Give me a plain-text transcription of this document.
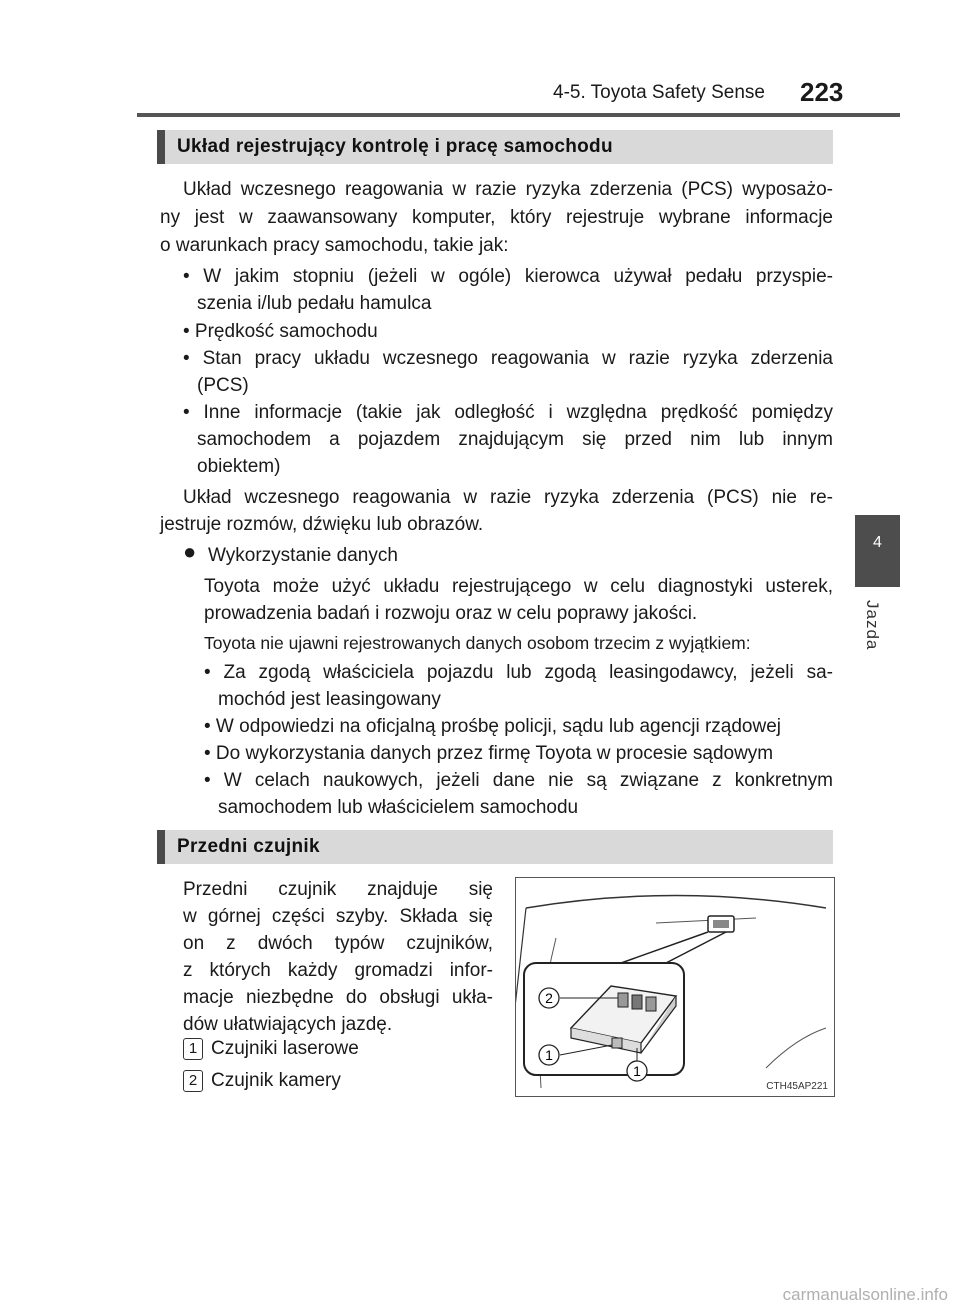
4-5. Toyota Safety Sense 223
4
Jazda
Układ rejestrujący kontrolę i pracę samochodu
Układ wczesnego reagowania w razie ryzyka zderzenia (PCS) wyposażo-
ny jest w zaawansowany komputer, który rejestruje wybrane informacje
o warunkach pracy samochodu, takie jak:
• W jakim stopniu (jeżeli w ogóle) kierowca używał pedału przyspie-
szenia i/lub pedału hamulca
• Prędkość samochodu
• Stan pracy układu wczesnego reagowania w razie ryzyka zderzenia
(PCS)
• Inne informacje (takie jak odległość i względna prędkość pomiędzy
samochodem a pojazdem znajdującym się przed nim lub innym
obiektem)
Układ wczesnego reagowania w razie ryzyka zderzenia (PCS) nie re-
jestruje rozmów, dźwięku lub obrazów.
● Wykorzystanie danych
Toyota może użyć układu rejestrującego w celu diagnostyki usterek,
prowadzenia badań i rozwoju oraz w celu poprawy jakości.
Toyota nie ujawni rejestrowanych danych osobom trzecim z wyjątkiem:
• Za zgodą właściciela pojazdu lub zgodą leasingodawcy, jeżeli sa-
mochód jest leasingowany
• W odpowiedzi na oficjalną prośbę policji, sądu lub agencji rządowej
• Do wykorzystania danych przez firmę Toyota w procesie sądowym
• W celach naukowych, jeżeli dane nie są związane z konkretnym
samochodem lub właścicielem samochodu
Przedni czujnik
Przedni czujnik znajduje się
w górnej części szyby. Składa się
on z dwóch typów czujników,
z których każdy gromadzi infor-
macje niezbędne do obsługi ukła-
dów ułatwiających jazdę.
1 Czujniki laserowe
2 Czujnik kamery
2
1
1
CTH45AP221
carmanualsonline.info
